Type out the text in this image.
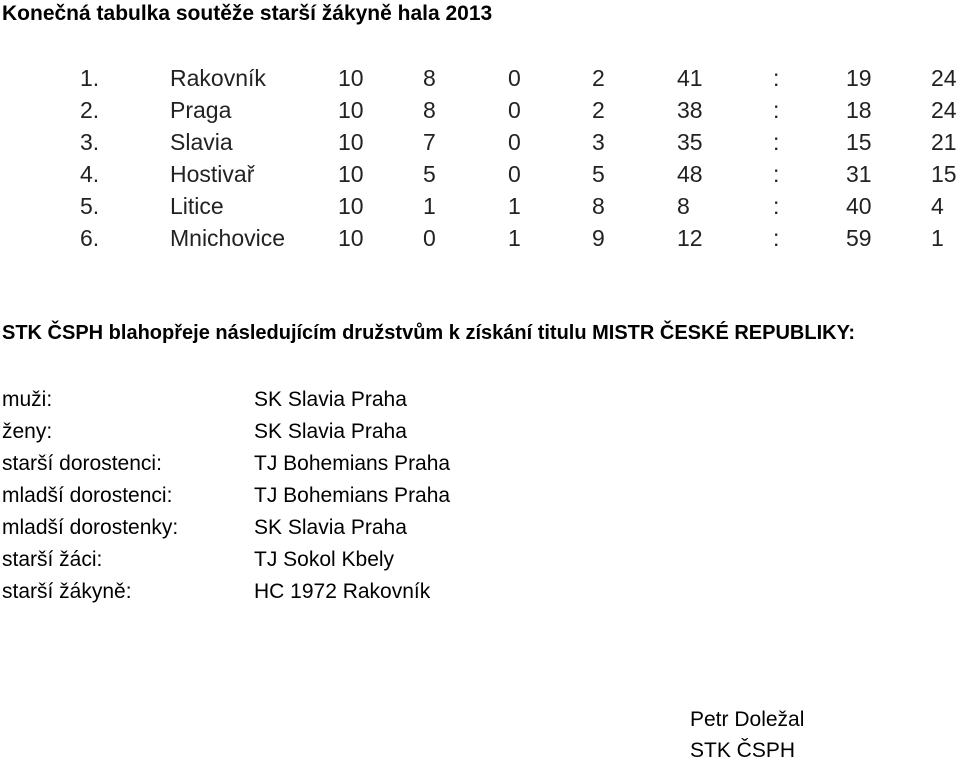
Konečná tabulka soutěže starší žákyně hala 2013
1.	Rakovník	10	8	0	2	41	:	19	24
2.	Praga	10	8	0	2	38	:	18	24
3.	Slavia	10	7	0	3	35	:	15	21
4.	Hostivař	10	5	0	5	48	:	31	15
5.	Litice	10	1	1	8	8	:	40	4
6.	Mnichovice 10	0	1	9	12	:	59	1
STK ČSPH blahopřeje následujícím družstvům k získání titulu MISTR ČESKÉ REPUBLIKY:
muži:	SK Slavia Praha
ženy:	SK Slavia Praha
starší dorostenci:	TJ Bohemians Praha
mladší dorostenci:	TJ Bohemians Praha
mladší dorostenky:	SK Slavia Praha
starší žáci:	TJ Sokol Kbely
starší žákyně:	HC 1972 Rakovník
Petr Doležal
STK ČSPH
